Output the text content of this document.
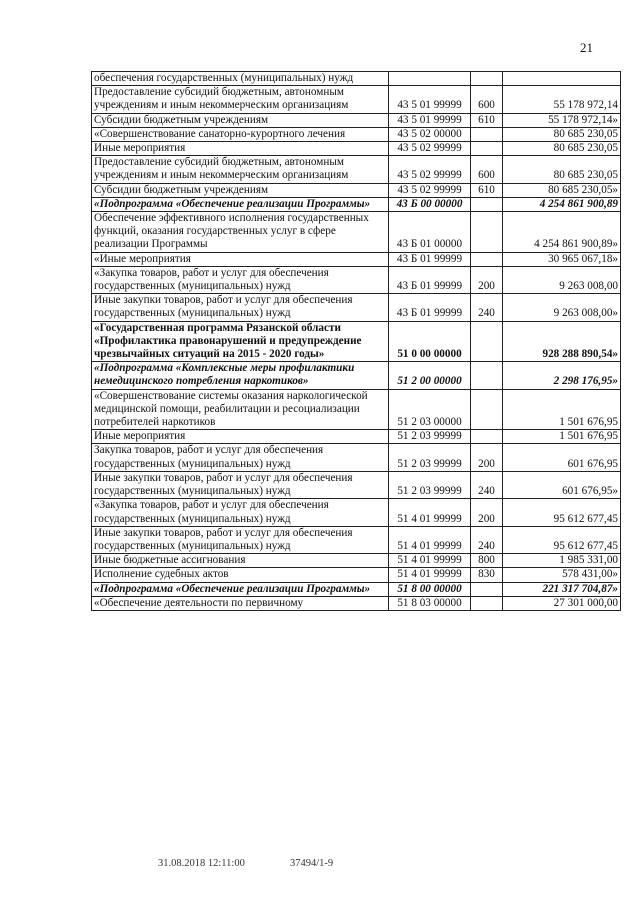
21
обеспечения государственных (муниципальных) нужд			
Предоставление субсидий бюджетным, автономным учреждениям и иным некоммерческим организациям	43 5 01 99999	600	55 178 972,14
Субсидии бюджетным учреждениям	43 5 01 99999	610	55 178 972,14»
«Совершенствование санаторно-курортного лечения	43 5 02 00000		80 685 230,05
Иные мероприятия	43 5 02 99999		80 685 230,05
Предоставление субсидий бюджетным, автономным учреждениям и иным некоммерческим организациям	43 5 02 99999	600	80 685 230,05
Субсидии бюджетным учреждениям	43 5 02 99999	610	80 685 230,05»
«Подпрограмма «Обеспечение реализации Программы»	43 Б 00 00000		4 254 861 900,89
Обеспечение эффективного исполнения государственных функций, оказания государственных услуг в сфере реализации Программы	43 Б 01 00000		4 254 861 900,89»
«Иные мероприятия	43 Б 01 99999		30 965 067,18»
«Закупка товаров, работ и услуг для обеспечения государственных (муниципальных) нужд	43 Б 01 99999	200	9 263 008,00
Иные закупки товаров, работ и услуг для обеспечения государственных (муниципальных) нужд	43 Б 01 99999	240	9 263 008,00»
«Государственная программа Рязанской области «Профилактика правонарушений и предупреждение чрезвычайных ситуаций на 2015 - 2020 годы»	51 0 00 00000		928 288 890,54»
«Подпрограмма «Комплексные меры профилактики немедицинского потребления наркотиков»	51 2 00 00000		2 298 176,95»
«Совершенствование системы оказания наркологической медицинской помощи, реабилитации и ресоциализации потребителей наркотиков	51 2 03 00000		1 501 676,95
Иные мероприятия	51 2 03 99999		1 501 676,95
Закупка товаров, работ и услуг для обеспечения государственных (муниципальных) нужд	51 2 03 99999	200	601 676,95
Иные закупки товаров, работ и услуг для обеспечения государственных (муниципальных) нужд	51 2 03 99999	240	601 676,95»
«Закупка товаров, работ и услуг для обеспечения государственных (муниципальных) нужд	51 4 01 99999	200	95 612 677,45
Иные закупки товаров, работ и услуг для обеспечения государственных (муниципальных) нужд	51 4 01 99999	240	95 612 677,45
Иные бюджетные ассигнования	51 4 01 99999	800	1 985 331,00
Исполнение судебных актов	51 4 01 99999	830	578 431,00»
«Подпрограмма «Обеспечение реализации Программы»	51 8 00 00000		221 317 704,87»
«Обеспечение деятельности по первичному	51 8 03 00000		27 301 000,00
31.08.2018 12:11:00	37494/1-9
